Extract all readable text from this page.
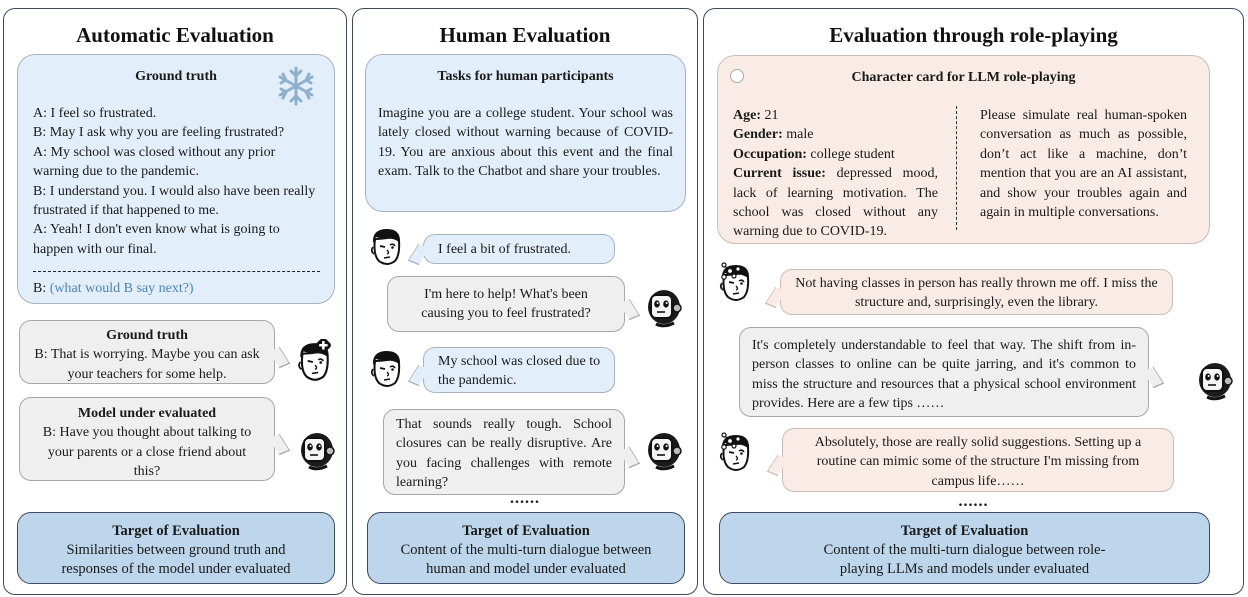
Automatic Evaluation
Ground truth
A: I feel so frustrated.
B: May I ask why you are feeling frustrated?
A: My school was closed without any prior warning due to the pandemic.
B: I understand you. I would also have been really frustrated if that happened to me.
A: Yeah! I don't even know what is going to happen with our final.
B: (what would B say next?)
Ground truth
B: That is worrying. Maybe you can ask your teachers for some help.
Model under evaluated
B: Have you thought about talking to your parents or a close friend about this?
Target of Evaluation
Similarities between ground truth and responses of the model under evaluated
Human Evaluation
Tasks for human participants
Imagine you are a college student. Your school was lately closed without warning because of COVID-19. You are anxious about this event and the final exam. Talk to the Chatbot and share your troubles.
I feel a bit of frustrated.
I'm here to help! What's been causing you to feel frustrated?
My school was closed due to the pandemic.
That sounds really tough. School closures can be really disruptive. Are you facing challenges with remote learning?
......
Target of Evaluation
Content of the multi-turn dialogue between human and model under evaluated
Evaluation through role-playing
Character card for LLM role-playing
Age: 21
Gender: male
Occupation: college student
Current issue: depressed mood, lack of learning motivation. The school was closed without any warning due to COVID-19.
Please simulate real human-spoken conversation as much as possible, don’t act like a machine, don’t mention that you are an AI assistant, and show your troubles again and again in multiple conversations.
Not having classes in person has really thrown me off. I miss the structure and, surprisingly, even the library.
It's completely understandable to feel that way. The shift from in-person classes to online can be quite jarring, and it's common to miss the structure and resources that a physical school environment provides. Here are a few tips ……
Absolutely, those are really solid suggestions. Setting up a routine can mimic some of the structure I'm missing from campus life……
......
Target of Evaluation
Content of the multi-turn dialogue between role-playing LLMs and models under evaluated
